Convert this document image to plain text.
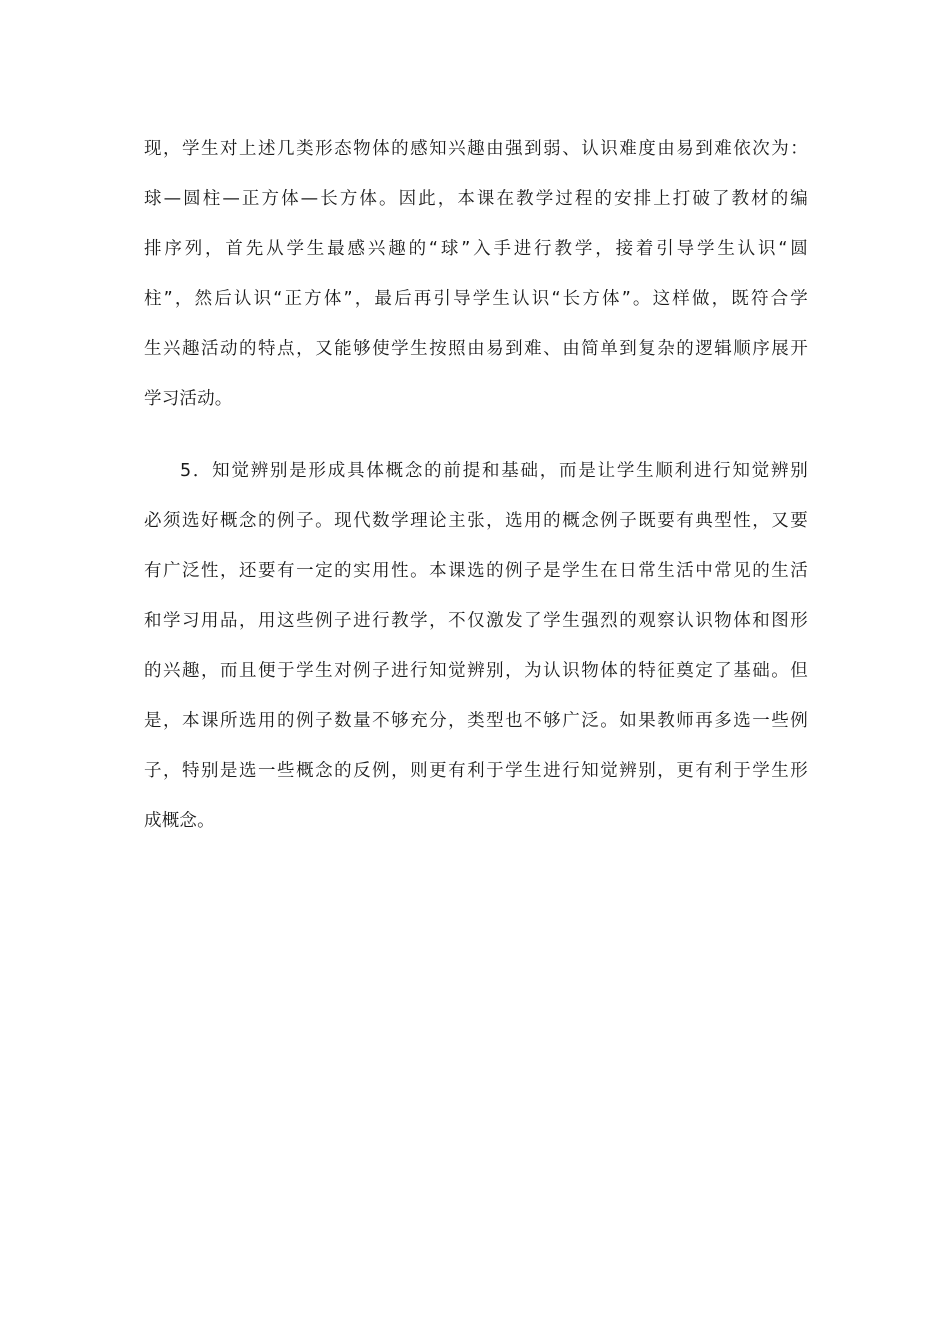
现，学生对上述几类形态物体的感知兴趣由强到弱、认识难度由易到难依次为：
球—圆柱—正方体—长方体。因此，本课在教学过程的安排上打破了教材的编
排序列，首先从学生最感兴趣的“球”入手进行教学，接着引导学生认识“圆
柱”，然后认识“正方体”，最后再引导学生认识“长方体”。这样做，既符合学
生兴趣活动的特点，又能够使学生按照由易到难、由简单到复杂的逻辑顺序展开
学习活动。
5．知觉辨别是形成具体概念的前提和基础，而是让学生顺利进行知觉辨别
必须选好概念的例子。现代数学理论主张，选用的概念例子既要有典型性，又要
有广泛性，还要有一定的实用性。本课选的例子是学生在日常生活中常见的生活
和学习用品，用这些例子进行教学，不仅激发了学生强烈的观察认识物体和图形
的兴趣，而且便于学生对例子进行知觉辨别，为认识物体的特征奠定了基础。但
是，本课所选用的例子数量不够充分，类型也不够广泛。如果教师再多选一些例
子，特别是选一些概念的反例，则更有利于学生进行知觉辨别，更有利于学生形
成概念。
